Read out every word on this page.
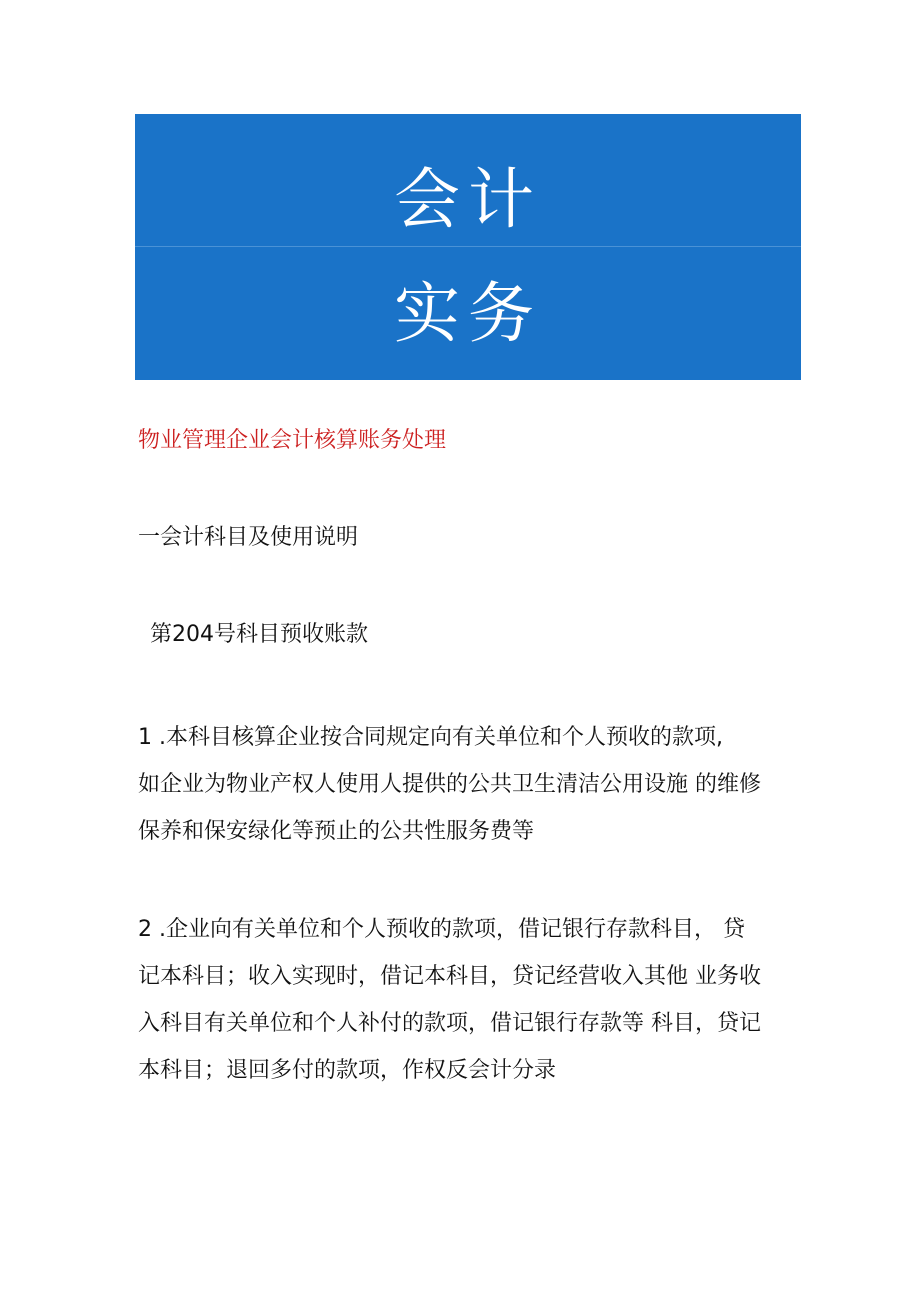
会计
实务
物业管理企业会计核算账务处理
一会计科目及使用说明
第204号科目预收账款

1 .本科目核算企业按合同规定向有关单位和个人预收的款项,
如企业为物业产权人使用人提供的公共卫生清洁公用设施 的维修
保养和保安绿化等预止的公共性服务费等

2 .企业向有关单位和个人预收的款项，借记银行存款科目， 贷
记本科目；收入实现时，借记本科目，贷记经营收入其他 业务收
入科目有关单位和个人补付的款项，借记银行存款等 科目，贷记
本科目；退回多付的款项，作权反会计分录
